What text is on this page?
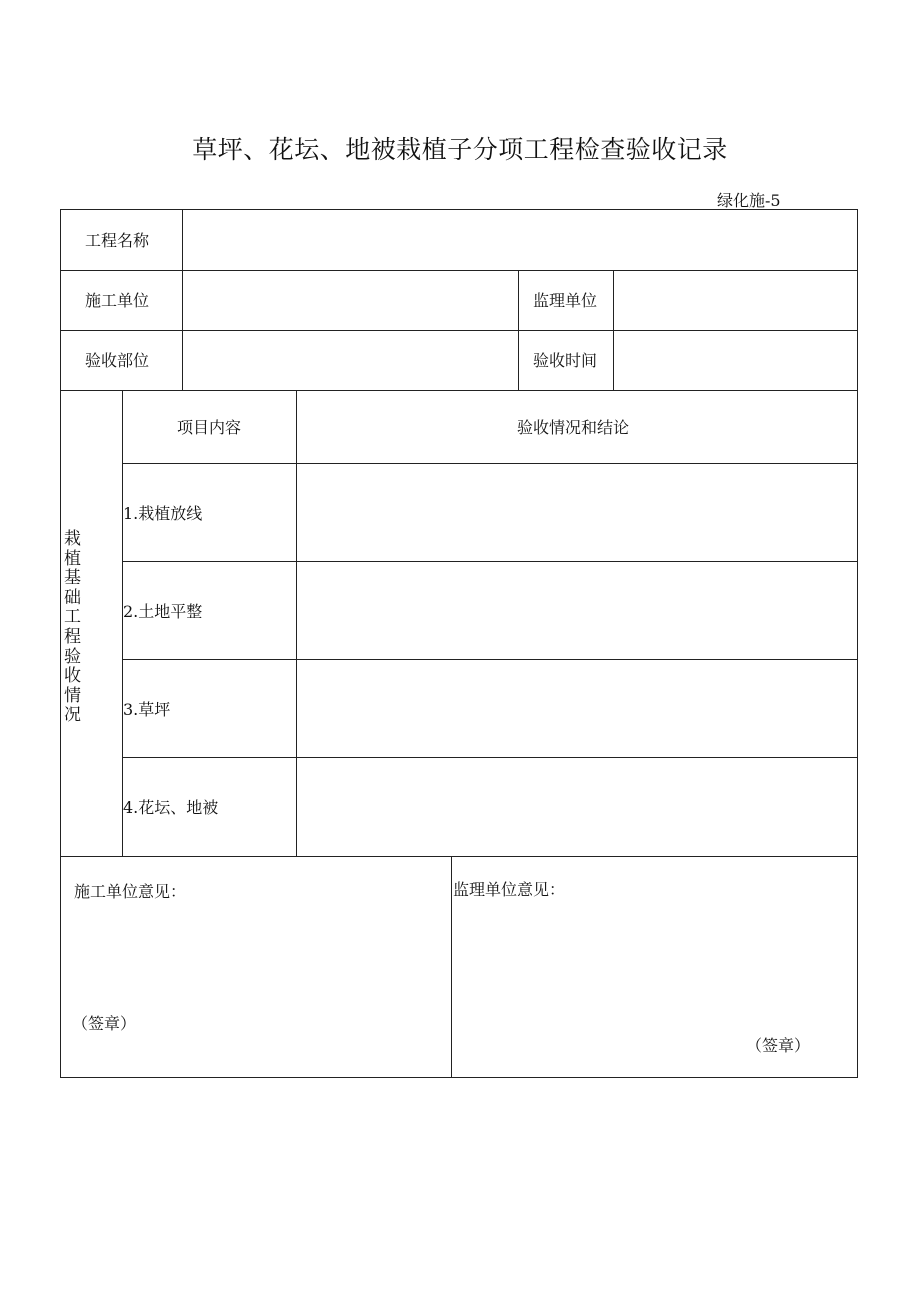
草坪、花坛、地被栽植子分项工程检查验收记录
绿化施-5
工程名称
施工单位	监理单位
验收部位	验收时间
栽植基础工程验收情况
项目内容	验收情况和结论
1.栽植放线
2.土地平整
3.草坪
4.花坛、地被
施工单位意见：
（签章）
监理单位意见：
（签章）
